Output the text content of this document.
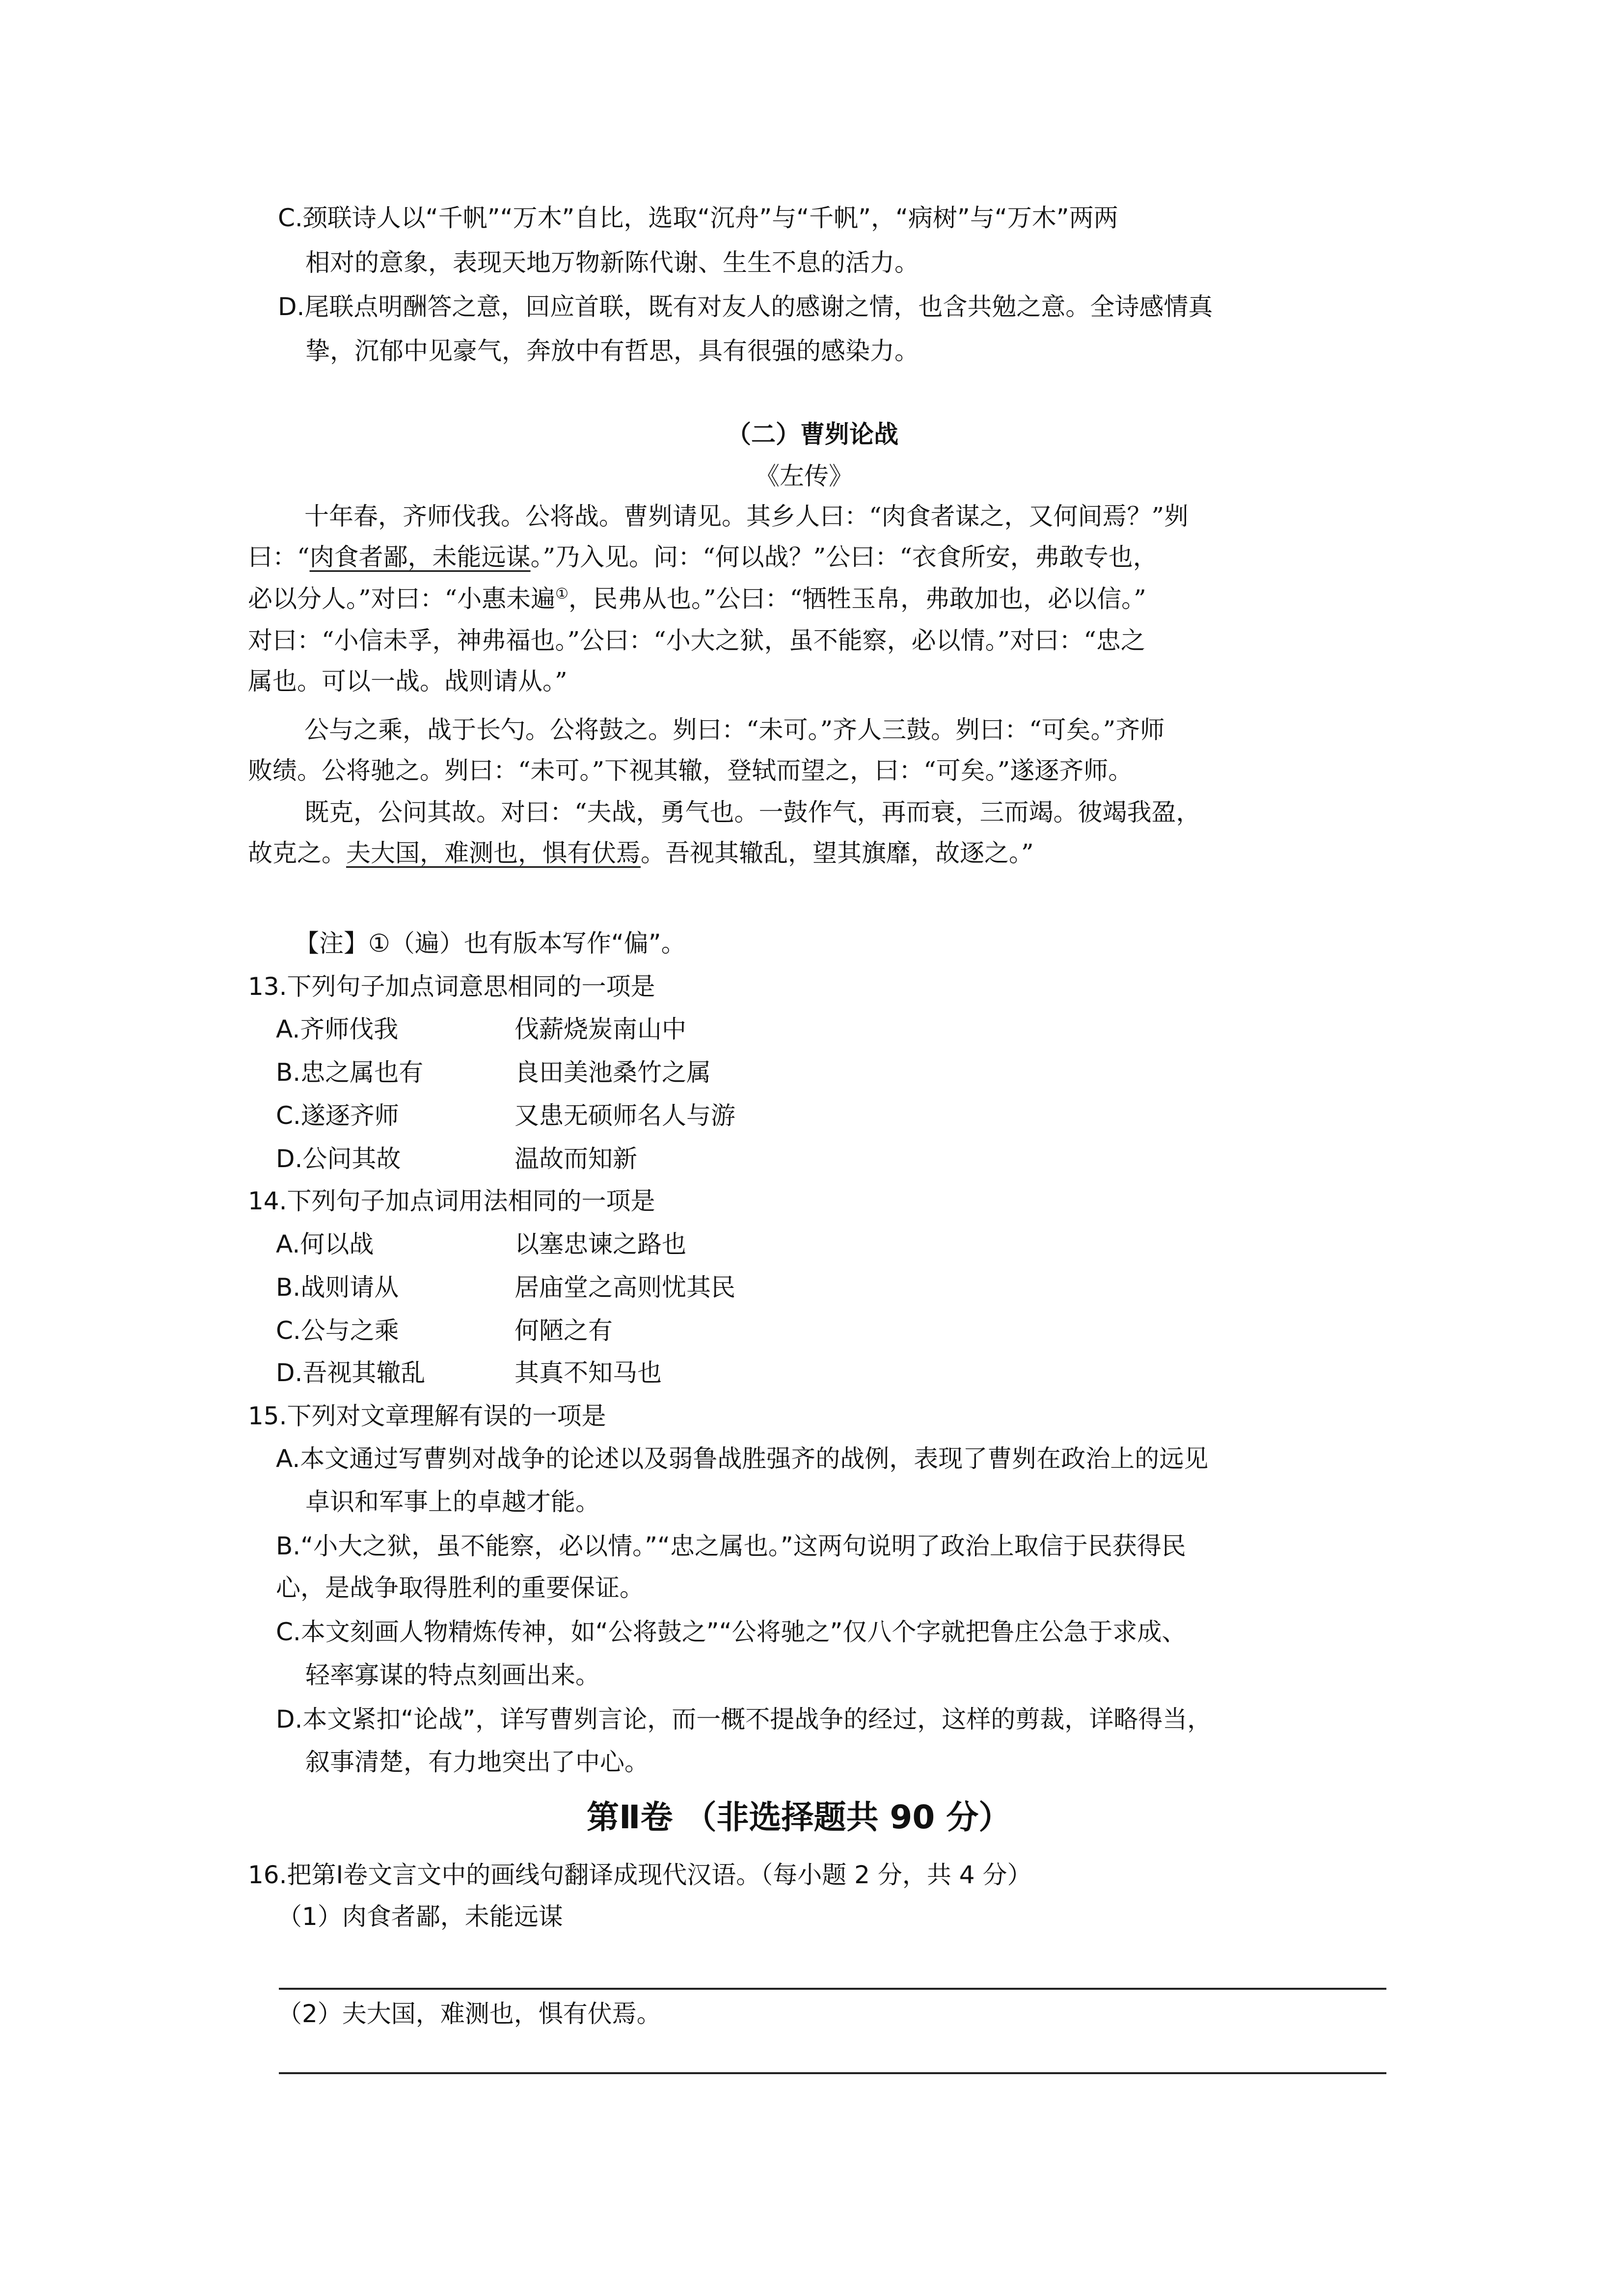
C.颈联诗人以“千帆”“万木”自比，选取“沉舟”与“千帆”，“病树”与“万木”两两
相对的意象，表现天地万物新陈代谢、生生不息的活力。
D.尾联点明酬答之意，回应首联，既有对友人的感谢之情，也含共勉之意。全诗感情真
挚，沉郁中见豪气，奔放中有哲思，具有很强的感染力。
（二）曹刿论战
《左传》
十年春，齐师伐我。公将战。曹刿请见。其乡人曰：“肉食者谋之，又何间焉？”刿
曰：“肉食者鄙，未能远谋。”乃入见。问：“何以战？”公曰：“衣食所安，弗敢专也，
必以分人。”对曰：“小惠未遍①，民弗从也。”公曰：“牺牲玉帛，弗敢加也，必以信。”
对曰：“小信未孚，神弗福也。”公曰：“小大之狱，虽不能察，必以情。”对曰：“忠之
属也。可以一战。战则请从。”
公与之乘，战于长勺。公将鼓之。刿曰：“未可。”齐人三鼓。刿曰：“可矣。”齐师
败绩。公将驰之。刿曰：“未可。”下视其辙，登轼而望之，曰：“可矣。”遂逐齐师。
既克，公问其故。对曰：“夫战，勇气也。一鼓作气，再而衰，三而竭。彼竭我盈，
故克之。夫大国，难测也，惧有伏焉。吾视其辙乱，望其旗靡，故逐之。”
【注】①（遍）也有版本写作“偏”。
13.下列句子加点词意思相同的一项是
A.齐师伐我	伐薪烧炭南山中
B.忠之属也有	良田美池桑竹之属
C.遂逐齐师	又患无硕师名人与游
D.公问其故	温故而知新
14.下列句子加点词用法相同的一项是
A.何以战	以塞忠谏之路也
B.战则请从	居庙堂之高则忧其民
C.公与之乘	何陋之有
D.吾视其辙乱	其真不知马也
15.下列对文章理解有误的一项是
A.本文通过写曹刿对战争的论述以及弱鲁战胜强齐的战例，表现了曹刿在政治上的远见
卓识和军事上的卓越才能。
B.“小大之狱，虽不能察，必以情。”“忠之属也。”这两句说明了政治上取信于民获得民
心，是战争取得胜利的重要保证。
C.本文刻画人物精炼传神，如“公将鼓之”“公将驰之”仅八个字就把鲁庄公急于求成、
轻率寡谋的特点刻画出来。
D.本文紧扣“论战”，详写曹刿言论，而一概不提战争的经过，这样的剪裁，详略得当，
叙事清楚，有力地突出了中心。
第Ⅱ卷 （非选择题共 90 分）
16.把第Ⅰ卷文言文中的画线句翻译成现代汉语。（每小题 2 分，共 4 分）
（1）肉食者鄙，未能远谋
（2）夫大国，难测也，惧有伏焉。
